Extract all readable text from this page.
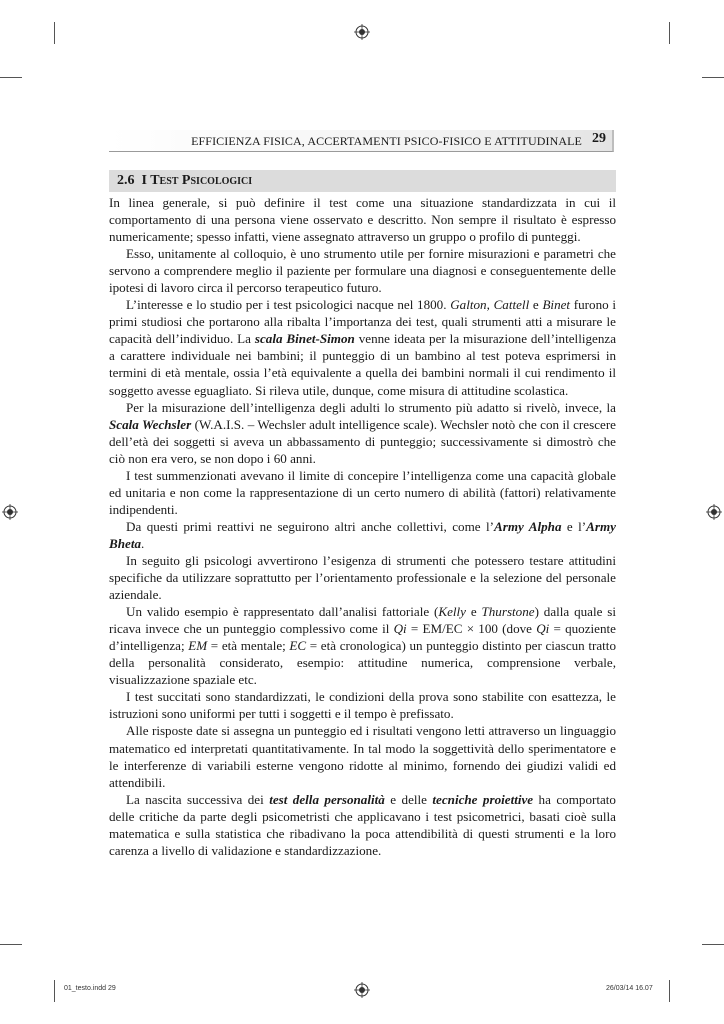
EFFICIENZA FISICA, ACCERTAMENTI PSICO-FISICO E ATTITUDINALE 29
2.6 I Test Psicologici

In linea generale, si può definire il test come una situazione standardizzata in cui il comportamento di una persona viene osservato e descritto. Non sempre il risultato è espresso numericamente; spesso infatti, viene assegnato attraverso un gruppo o profilo di punteggi.

Esso, unitamente al colloquio, è uno strumento utile per fornire misurazioni e parametri che servono a comprendere meglio il paziente per formulare una diagnosi e conseguentemente delle ipotesi di lavoro circa il percorso terapeutico futuro.

L’interesse e lo studio per i test psicologici nacque nel 1800. Galton, Cattell e Binet furono i primi studiosi che portarono alla ribalta l’importanza dei test, quali strumenti atti a misurare le capacità dell’individuo. La scala Binet-Simon venne ideata per la misurazione dell’intelligenza a carattere individuale nei bambini; il punteggio di un bambino al test poteva esprimersi in termini di età mentale, ossia l’età equivalente a quella dei bambini normali il cui rendimento il soggetto avesse eguagliato. Si rileva utile, dunque, come misura di attitudine scolastica.

Per la misurazione dell’intelligenza degli adulti lo strumento più adatto si rivelò, invece, la Scala Wechsler (W.A.I.S. – Wechsler adult intelligence scale). Wechsler notò che con il crescere dell’età dei soggetti si aveva un abbassamento di punteggio; successivamente si dimostrò che ciò non era vero, se non dopo i 60 anni.

I test summenzionati avevano il limite di concepire l’intelligenza come una capacità globale ed unitaria e non come la rappresentazione di un certo numero di abilità (fattori) relativamente indipendenti.

Da questi primi reattivi ne seguirono altri anche collettivi, come l’Army Alpha e l’Army Bheta.

In seguito gli psicologi avvertirono l’esigenza di strumenti che potessero testare attitudini specifiche da utilizzare soprattutto per l’orientamento professionale e la selezione del personale aziendale.

Un valido esempio è rappresentato dall’analisi fattoriale (Kelly e Thurstone) dalla quale si ricava invece che un punteggio complessivo come il Qi = EM/EC × 100 (dove Qi = quoziente d’intelligenza; EM = età mentale; EC = età cronologica) un punteggio distinto per ciascun tratto della personalità considerato, esempio: attitudine numerica, comprensione verbale, visualizzazione spaziale etc.

I test succitati sono standardizzati, le condizioni della prova sono stabilite con esattezza, le istruzioni sono uniformi per tutti i soggetti e il tempo è prefissato.

Alle risposte date si assegna un punteggio ed i risultati vengono letti attraverso un linguaggio matematico ed interpretati quantitativamente. In tal modo la soggettività dello sperimentatore e le interferenze di variabili esterne vengono ridotte al minimo, fornendo dei giudizi validi ed attendibili.

La nascita successiva dei test della personalità e delle tecniche proiettive ha comportato delle critiche da parte degli psicometristi che applicavano i test psicometrici, basati cioè sulla matematica e sulla statistica che ribadivano la poca attendibilità di questi strumenti e la loro carenza a livello di validazione e standardizzazione.

01_testo.indd 29	26/03/14 16.07
